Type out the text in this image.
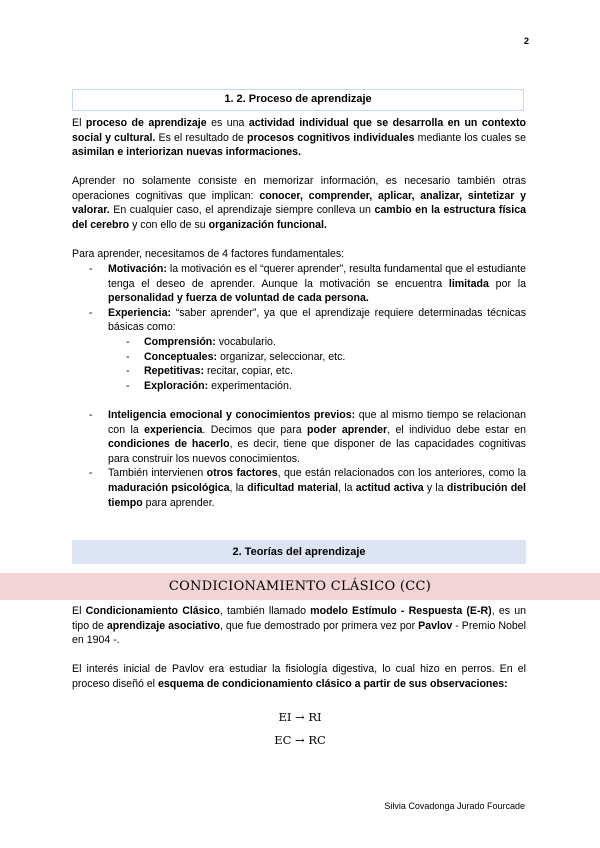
2
1. 2. Proceso de aprendizaje
El proceso de aprendizaje es una actividad individual que se desarrolla en un contexto social y cultural. Es el resultado de procesos cognitivos individuales mediante los cuales se asimilan e interiorizan nuevas informaciones.
Aprender no solamente consiste en memorizar información, es necesario también otras operaciones cognitivas que implican: conocer, comprender, aplicar, analizar, sintetizar y valorar. En cualquier caso, el aprendizaje siempre conlleva un cambio en la estructura física del cerebro y con ello de su organización funcional.
Para aprender, necesitamos de 4 factores fundamentales:
- Motivación: la motivación es el “querer aprender”, resulta fundamental que el estudiante tenga el deseo de aprender. Aunque la motivación se encuentra limitada por la personalidad y fuerza de voluntad de cada persona.
- Experiencia: “saber aprender”, ya que el aprendizaje requiere determinadas técnicas básicas como:
- Comprensión: vocabulario.
- Conceptuales: organizar, seleccionar, etc.
- Repetitivas: recitar, copiar, etc.
- Exploración: experimentación.
- Inteligencia emocional y conocimientos previos: que al mismo tiempo se relacionan con la experiencia. Decimos que para poder aprender, el individuo debe estar en condiciones de hacerlo, es decir, tiene que disponer de las capacidades cognitivas para construir los nuevos conocimientos.
- También intervienen otros factores, que están relacionados con los anteriores, como la maduración psicológica, la dificultad material, la actitud activa y la distribución del tiempo para aprender.
2. Teorías del aprendizaje
CONDICIONAMIENTO CLÁSICO (CC)
El Condicionamiento Clásico, también llamado modelo Estímulo - Respuesta (E-R), es un tipo de aprendizaje asociativo, que fue demostrado por primera vez por Pavlov - Premio Nobel en 1904 -.
El interés inicial de Pavlov era estudiar la fisiología digestiva, lo cual hizo en perros. En el proceso diseñó el esquema de condicionamiento clásico a partir de sus observaciones:
EI → RI
EC → RC
Silvia Covadonga Jurado Fourcade
